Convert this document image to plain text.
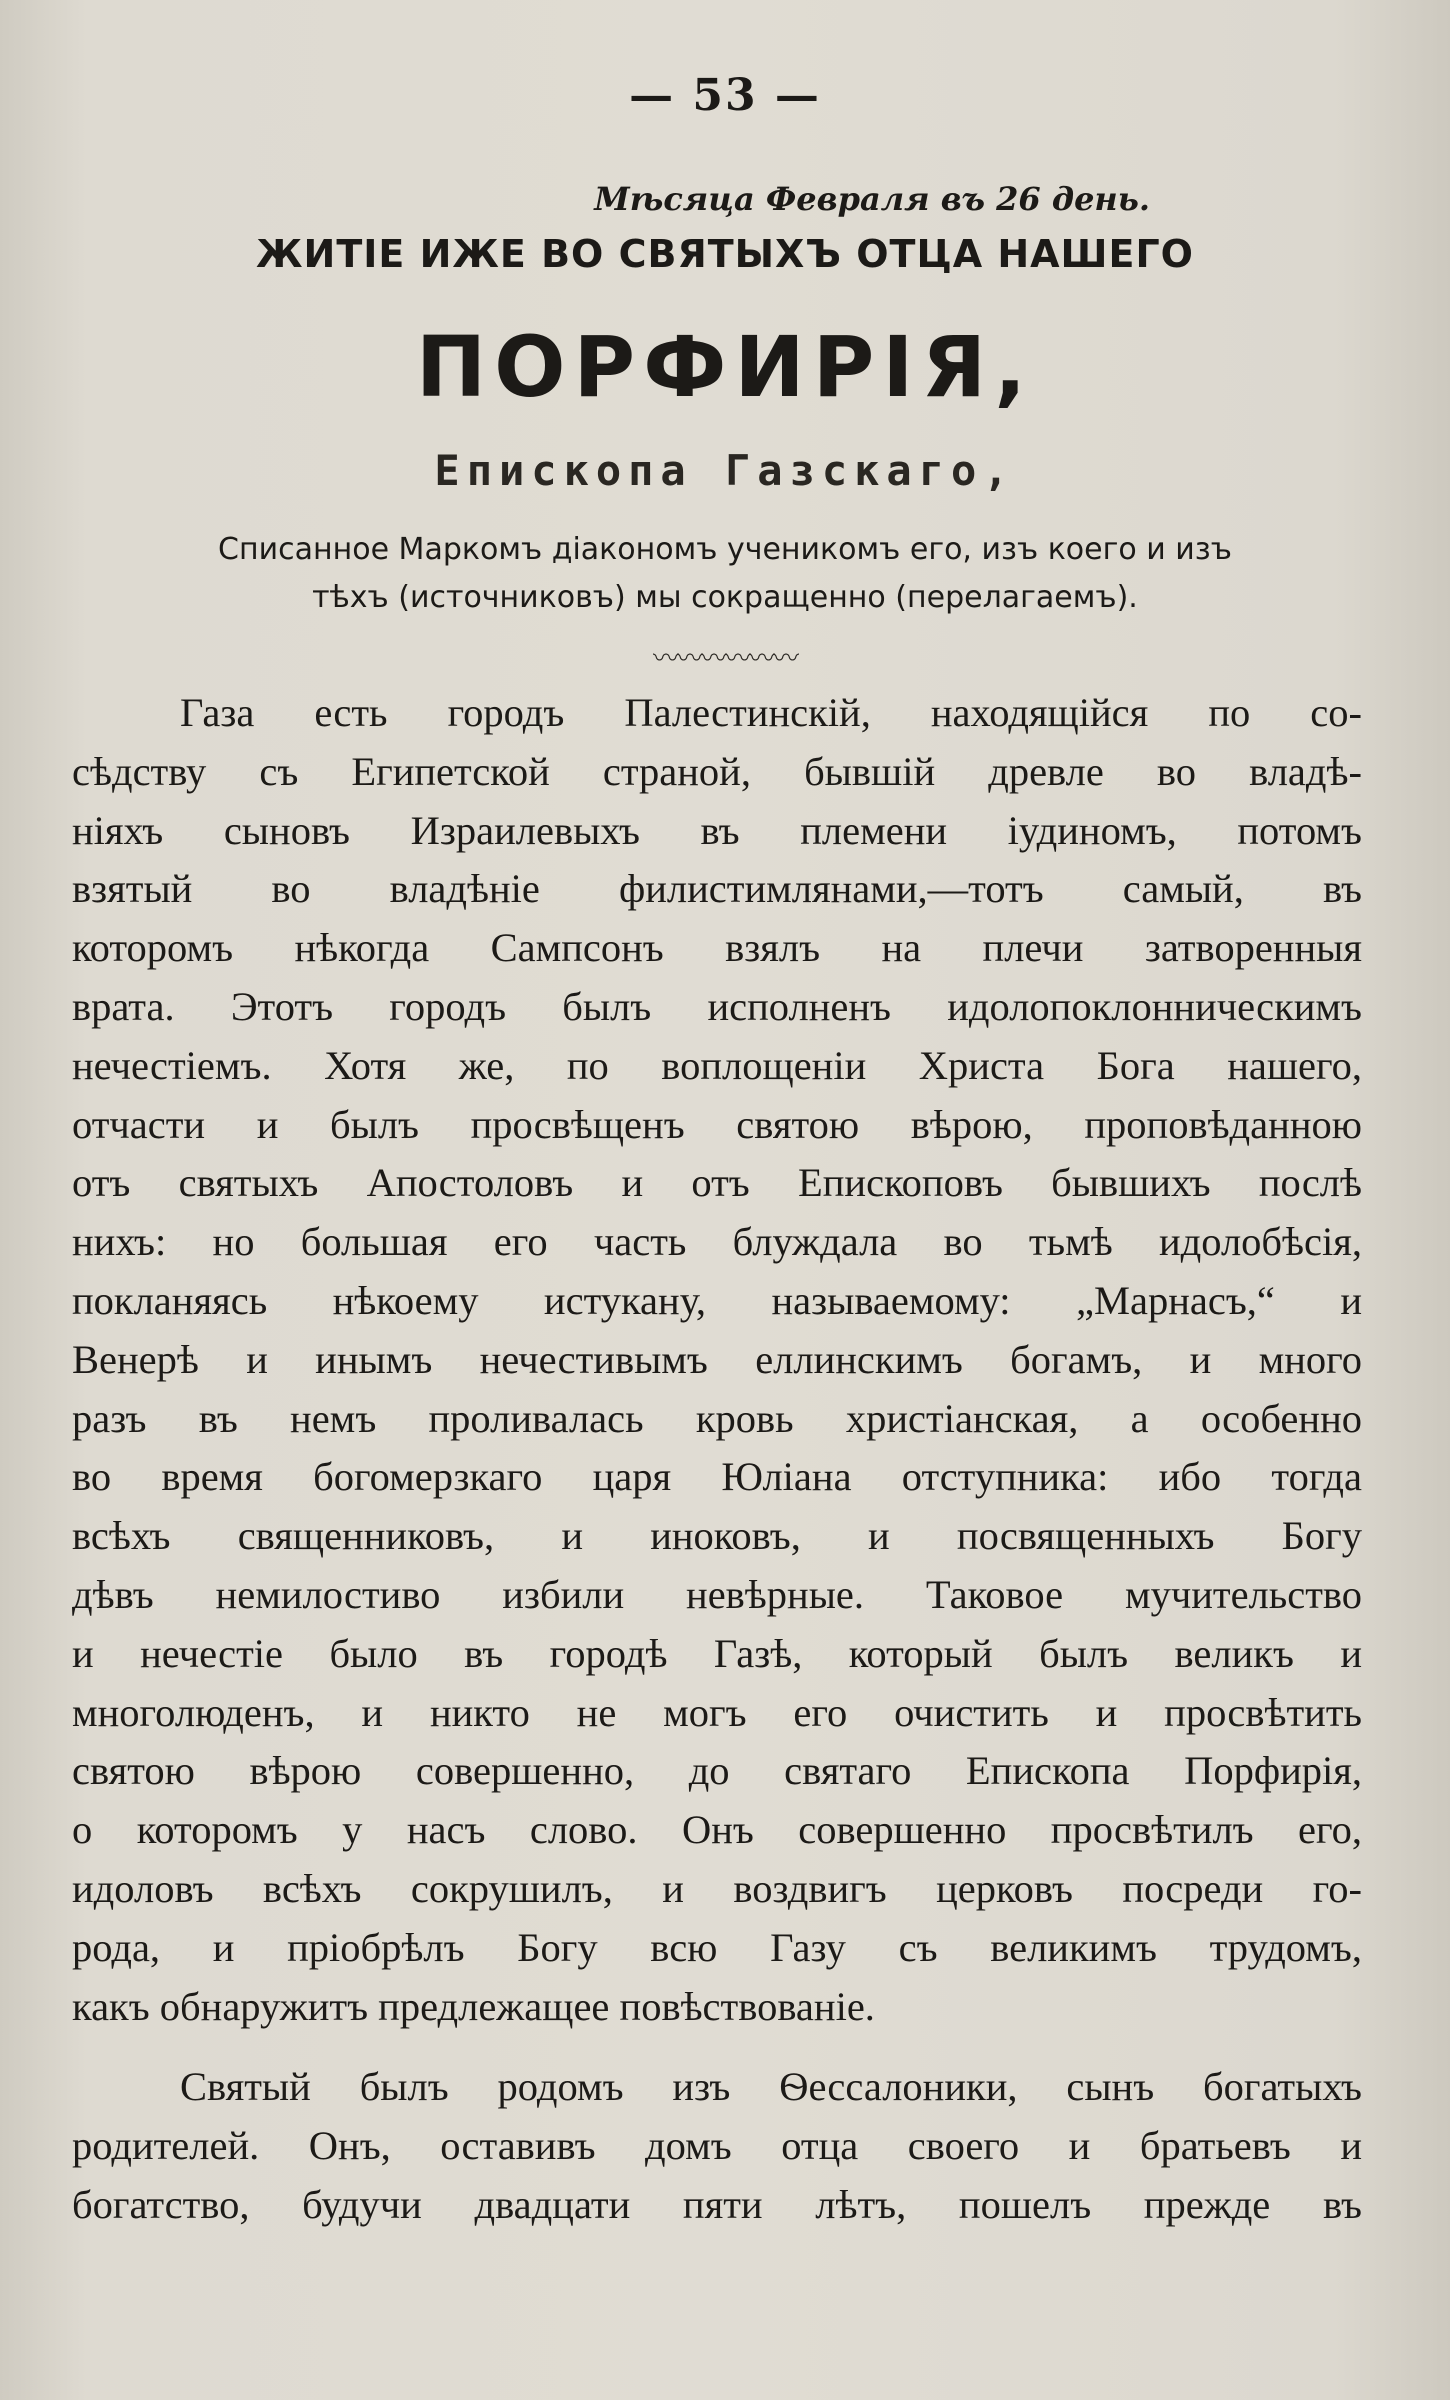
— 53 —
Мѣсяца Февраля въ 26 день.
ЖИТІЕ ИЖЕ ВО СВЯТЫХЪ ОТЦА НАШЕГО
ПОРФИРІЯ,
Епископа Газскаго,
Списанное Маркомъ діакономъ ученикомъ его, изъ коего и изъ
тѣхъ (источниковъ) мы сокращенно (перелагаемъ).
〰〰〰〰〰〰
Газа есть городъ Палестинскій, находящійся по со-
сѣдству съ Египетской страной, бывшій древле во владѣ-
ніяхъ сыновъ Израилевыхъ въ племени іудиномъ, потомъ
взятый во владѣніе филистимлянами,—тотъ самый, въ
которомъ нѣкогда Сампсонъ взялъ на плечи затворенныя
врата. Этотъ городъ былъ исполненъ идолопоклонническимъ
нечестіемъ. Хотя же, по воплощеніи Христа Бога нашего,
отчасти и былъ просвѣщенъ святою вѣрою, проповѣданною
отъ святыхъ Апостоловъ и отъ Епископовъ бывшихъ послѣ
нихъ: но большая его часть блуждала во тьмѣ идолобѣсія,
покланяясь нѣкоему истукану, называемому: „Марнасъ,“ и
Венерѣ и инымъ нечестивымъ еллинскимъ богамъ, и много
разъ въ немъ проливалась кровь христіанская, а особенно
во время богомерзкаго царя Юліана отступника: ибо тогда
всѣхъ священниковъ, и иноковъ, и посвященныхъ Богу
дѣвъ немилостиво избили невѣрные. Таковое мучительство
и нечестіе было въ городѣ Газѣ, который былъ великъ и
многолюденъ, и никто не могъ его очистить и просвѣтить
святою вѣрою совершенно, до святаго Епископа Порфирія,
о которомъ у насъ слово. Онъ совершенно просвѣтилъ его,
идоловъ всѣхъ сокрушилъ, и воздвигъ церковъ посреди го-
рода, и пріобрѣлъ Богу всю Газу съ великимъ трудомъ,
какъ обнаружитъ предлежащее повѣствованіе.
Святый былъ родомъ изъ Ѳессалоники, сынъ богатыхъ
родителей. Онъ, оставивъ домъ отца своего и братьевъ и
богатство, будучи двадцати пяти лѣтъ, пошелъ прежде въ
